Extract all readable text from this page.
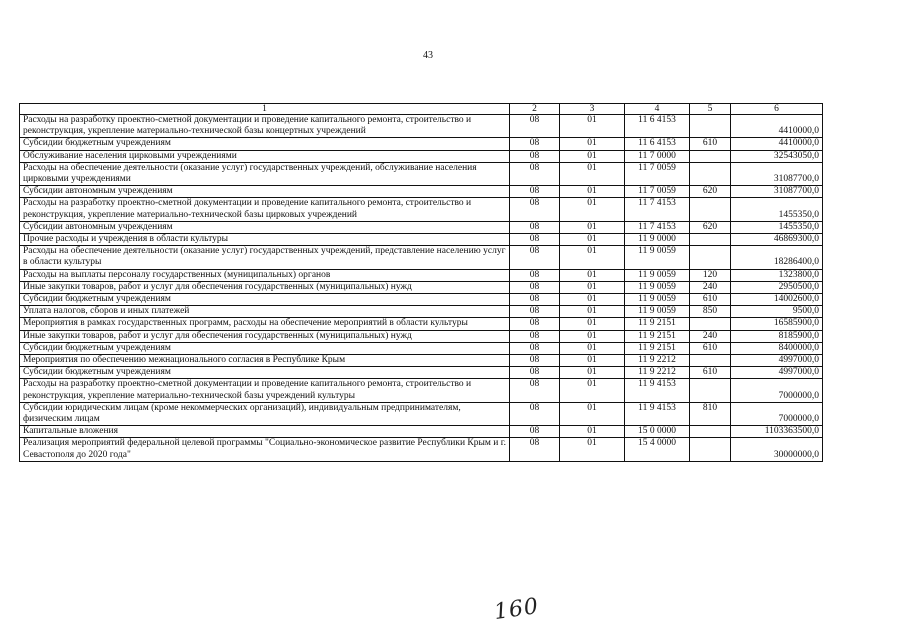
43
1	2	3	4	5	6
Расходы на разработку проектно-сметной документации и проведение капитального ремонта, строительство и реконструкция, укрепление материально-технической базы концертных учреждений	08	01	11 6 4153		4410000,0
Субсидии бюджетным учреждениям	08	01	11 6 4153	610	4410000,0
Обслуживание населения цирковыми учреждениями	08	01	11 7 0000		32543050,0
Расходы на обеспечение деятельности (оказание услуг) государственных учреждений, обслуживание населения цирковыми учреждениями	08	01	11 7 0059		31087700,0
Субсидии автономным учреждениям	08	01	11 7 0059	620	31087700,0
Расходы на разработку проектно-сметной документации и проведение капитального ремонта, строительство и реконструкция, укрепление материально-технической базы цирковых учреждений	08	01	11 7 4153		1455350,0
Субсидии автономным учреждениям	08	01	11 7 4153	620	1455350,0
Прочие расходы и учреждения в области культуры	08	01	11 9 0000		46869300,0
Расходы на обеспечение деятельности (оказание услуг) государственных учреждений, представление населению услуг в области культуры	08	01	11 9 0059		18286400,0
Расходы на выплаты персоналу государственных (муниципальных) органов	08	01	11 9 0059	120	1323800,0
Иные закупки товаров, работ и услуг для обеспечения государственных (муниципальных) нужд	08	01	11 9 0059	240	2950500,0
Субсидии бюджетным учреждениям	08	01	11 9 0059	610	14002600,0
Уплата налогов, сборов и иных платежей	08	01	11 9 0059	850	9500,0
Мероприятия в рамках государственных программ, расходы на обеспечение мероприятий в области культуры	08	01	11 9 2151		16585900,0
Иные закупки товаров, работ и услуг для обеспечения государственных (муниципальных) нужд	08	01	11 9 2151	240	8185900,0
Субсидии бюджетным учреждениям	08	01	11 9 2151	610	8400000,0
Мероприятия по обеспечению межнационального согласия в Республике Крым	08	01	11 9 2212		4997000,0
Субсидии бюджетным учреждениям	08	01	11 9 2212	610	4997000,0
Расходы на разработку проектно-сметной документации и проведение капитального ремонта, строительство и реконструкция, укрепление материально-технической базы учреждений культуры	08	01	11 9 4153		7000000,0
Субсидии юридическим лицам (кроме некоммерческих организаций), индивидуальным предпринимателям, физическим лицам	08	01	11 9 4153	810	7000000,0
Капитальные вложения	08	01	15 0 0000		1103363500,0
Реализация мероприятий федеральной целевой программы "Социально-экономическое развитие Республики Крым и г. Севастополя до 2020 года"	08	01	15 4 0000		30000000,0
160
